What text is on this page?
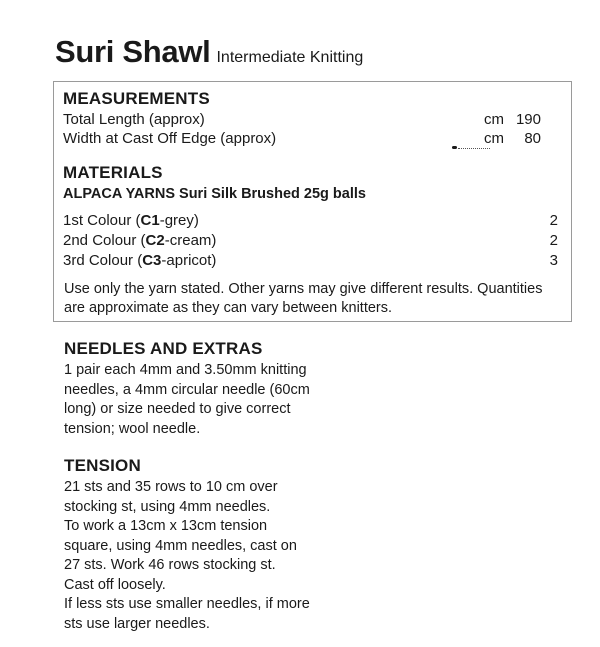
Suri Shawl Intermediate Knitting
MEASUREMENTS
Total Length (approx)	cm 190
Width at Cast Off Edge (approx)	cm	80
MATERIALS
ALPACA YARNS Suri Silk Brushed 25g balls
1st Colour (C1-grey)	2
2nd Colour (C2-cream)	2
3rd Colour (C3-apricot)	3
Use only the yarn stated. Other yarns may give different results. Quantities
are approximate as they can vary between knitters.
NEEDLES AND EXTRAS
1 pair each 4mm and 3.50mm knitting
needles, a 4mm circular needle (60cm
long) or size needed to give correct
tension; wool needle.
TENSION
21 sts and 35 rows to 10 cm over
stocking st, using 4mm needles.
To work a 13cm x 13cm tension
square, using 4mm needles, cast on
27 sts. Work 46 rows stocking st.
Cast off loosely.
If less sts use smaller needles, if more
sts use larger needles.
